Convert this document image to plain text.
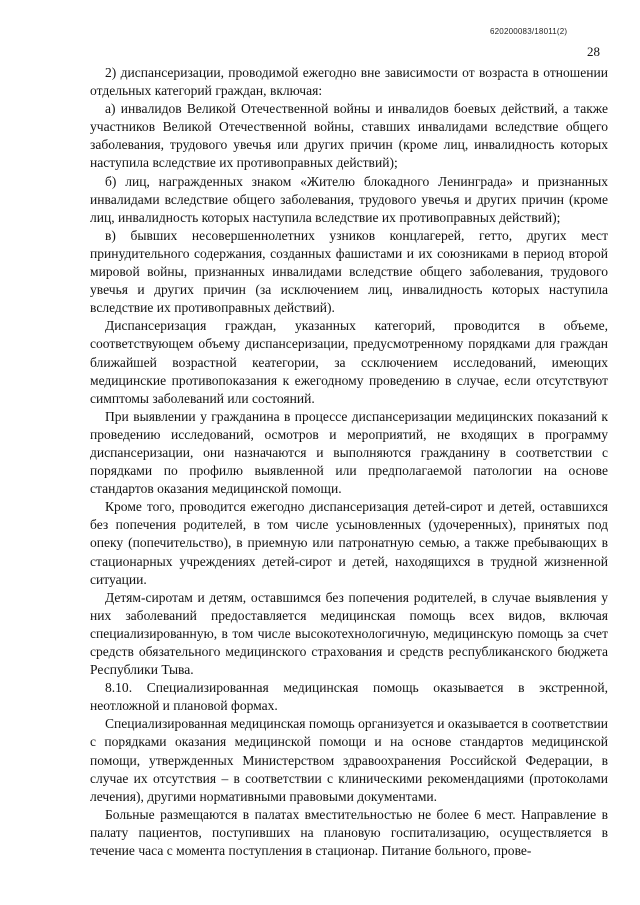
620200083/18011(2)
28

2) диспансеризации, проводимой ежегодно вне зависимости от возраста в отношении отдельных категорий граждан, включая:

а) инвалидов Великой Отечественной войны и инвалидов боевых действий, а также участников Великой Отечественной войны, ставших инвалидами вследствие общего заболевания, трудового увечья или других причин (кроме лиц, инвалидность которых наступила вследствие их противоправных действий);

б) лиц, награжденных знаком «Жителю блокадного Ленинграда» и признанных инвалидами вследствие общего заболевания, трудового увечья и других причин (кроме лиц, инвалидность которых наступила вследствие их противоправных действий);

в) бывших несовершеннолетних узников концлагерей, гетто, других мест принудительного содержания, созданных фашистами и их союзниками в период второй мировой войны, признанных инвалидами вследствие общего заболевания, трудового увечья и других причин (за исключением лиц, инвалидность которых наступила вследствие их противоправных действий).

Диспансеризация граждан, указанных категорий, проводится в объеме, соответствующем объему диспансеризации, предусмотренному порядками для граждан ближайшей возрастной кеатегории, за ссключением исследований, имеющих медицинские противопоказания к ежегодному проведению в случае, если отсутствуют симптомы заболеваний или состояний.

При выявлении у гражданина в процессе диспансеризации медицинских показаний к проведению исследований, осмотров и мероприятий, не входящих в программу диспансеризации, они назначаются и выполняются гражданину в соответствии с порядками по профилю выявленной или предполагаемой патологии на основе стандартов оказания медицинской помощи.

Кроме того, проводится ежегодно диспансеризация детей-сирот и детей, оставшихся без попечения родителей, в том числе усыновленных (удочеренных), принятых под опеку (попечительство), в приемную или патронатную семью, а также пребывающих в стационарных учреждениях детей-сирот и детей, находящихся в трудной жизненной ситуации.

Детям-сиротам и детям, оставшимся без попечения родителей, в случае выявления у них заболеваний предоставляется медицинская помощь всех видов, включая специализированную, в том числе высокотехнологичную, медицинскую помощь за счет средств обязательного медицинского страхования и средств республиканского бюджета Республики Тыва.

8.10. Специализированная медицинская помощь оказывается в экстренной, неотложной и плановой формах.

Специализированная медицинская помощь организуется и оказывается в соответствии с порядками оказания медицинской помощи и на основе стандартов медицинской помощи, утвержденных Министерством здравоохранения Российской Федерации, в случае их отсутствия – в соответствии с клиническими рекомендациями (протоколами лечения), другими нормативными правовыми документами.

Больные размещаются в палатах вместительностью не более 6 мест. Направление в палату пациентов, поступивших на плановую госпитализацию, осуществляется в течение часа с момента поступления в стационар. Питание больного, прове-
